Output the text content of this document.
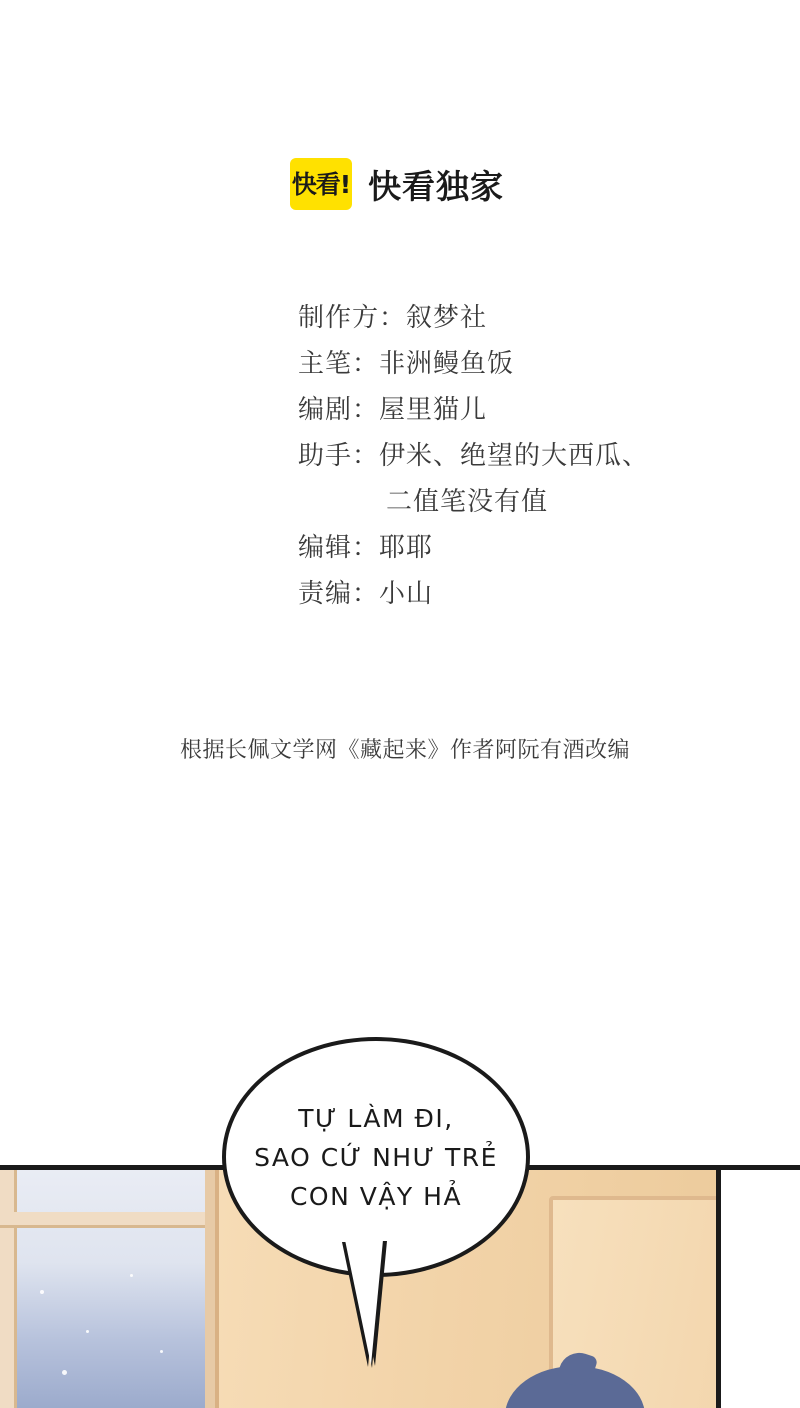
快看! 快看独家
制作方：叙梦社
主笔：非洲鳗鱼饭
编剧：屋里猫儿
助手：伊米、绝望的大西瓜、
二值笔没有值
编辑：耶耶
责编：小山
根据长佩文学网《藏起来》作者阿阮有酒改编
TỰ LÀM ĐI,
SAO CỨ NHƯ TRẺ
CON VẬY HẢ
